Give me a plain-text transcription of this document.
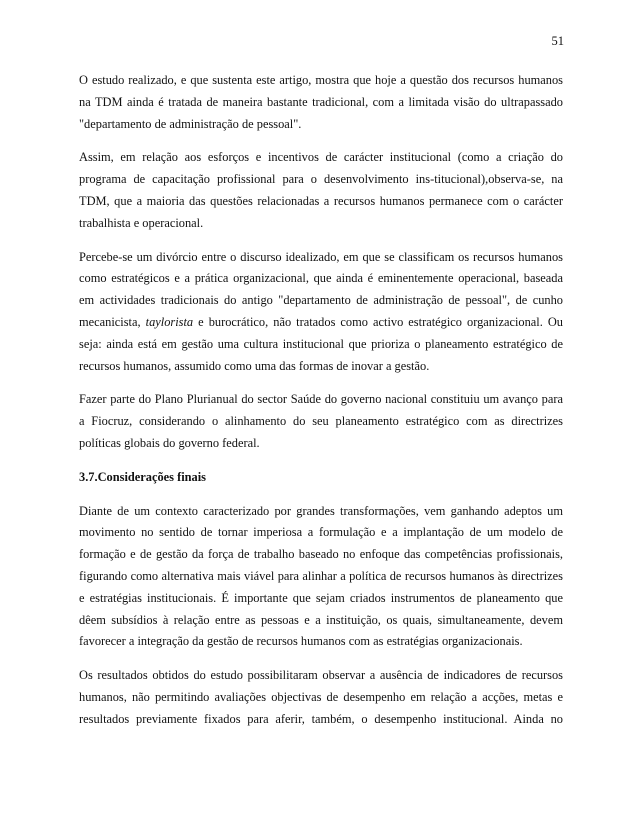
51

O estudo realizado, e que sustenta este artigo, mostra que hoje a questão dos recursos humanos
na TDM ainda é tratada de maneira bastante tradicional, com a limitada visão do ultrapassado
"departamento de administração de pessoal".

Assim, em relação aos esforços e incentivos de carácter institucional (como a criação do
programa de capacitação profissional para o desenvolvimento ins-titucional),observa-se, na
TDM, que a maioria das questões relacionadas a recursos humanos permanece com o carácter
trabalhista e operacional.

Percebe-se um divórcio entre o discurso idealizado, em que se classificam os recursos humanos
como estratégicos e a prática organizacional, que ainda é eminentemente operacional, baseada
em actividades tradicionais do antigo "departamento de administração de pessoal", de cunho
mecanicista, taylorista e burocrático, não tratados como activo estratégico organizacional. Ou
seja: ainda está em gestão uma cultura institucional que prioriza o planeamento estratégico de
recursos humanos, assumido como uma das formas de inovar a gestão.

Fazer parte do Plano Plurianual do sector Saúde do governo nacional constituiu um avanço para
a Fiocruz, considerando o alinhamento do seu planeamento estratégico com as directrizes
políticas globais do governo federal.

3.7.Considerações finais

Diante de um contexto caracterizado por grandes transformações, vem ganhando adeptos um
movimento no sentido de tornar imperiosa a formulação e a implantação de um modelo de
formação e de gestão da força de trabalho baseado no enfoque das competências profissionais,
figurando como alternativa mais viável para alinhar a política de recursos humanos às directrizes
e estratégias institucionais. É importante que sejam criados instrumentos de planeamento que
dêem subsídios à relação entre as pessoas e a instituição, os quais, simultaneamente, devem
favorecer a integração da gestão de recursos humanos com as estratégias organizacionais.

Os resultados obtidos do estudo possibilitaram observar a ausência de indicadores de recursos
humanos, não permitindo avaliações objectivas de desempenho em relação a acções, metas e
resultados previamente fixados para aferir, também, o desempenho institucional. Ainda no
